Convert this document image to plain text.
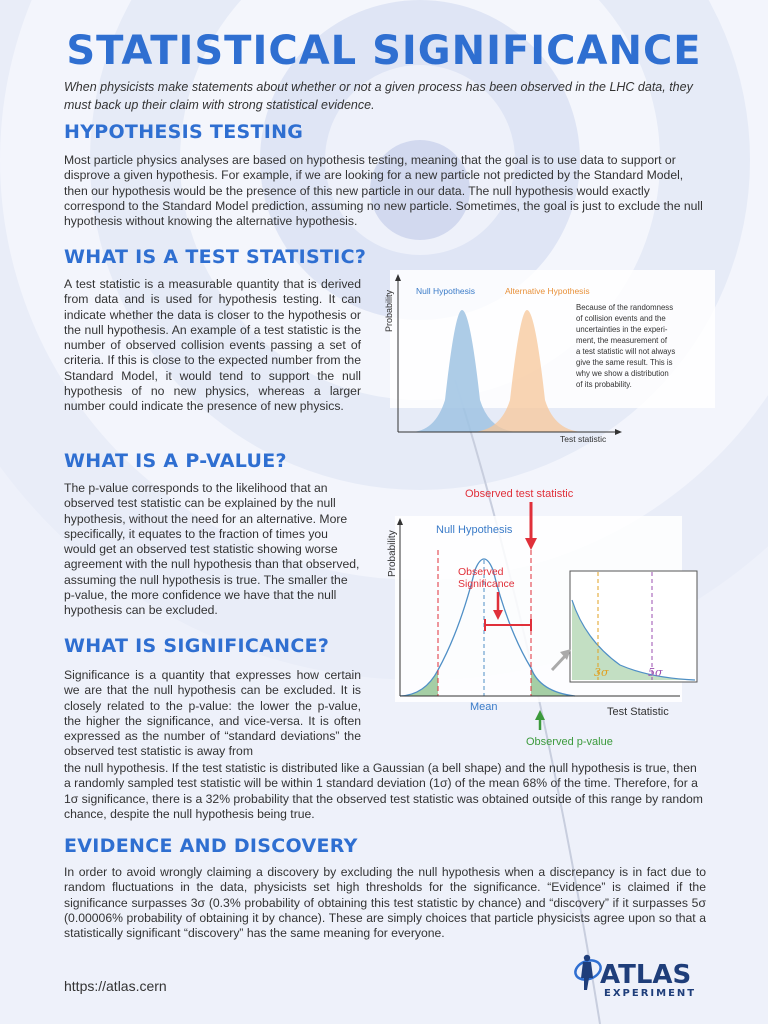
STATISTICAL SIGNIFICANCE

When physicists make statements about whether or not a given process has been observed in the LHC data, they must back up their claim with strong statistical evidence.

HYPOTHESIS TESTING

Most particle physics analyses are based on hypothesis testing, meaning that the goal is to use data to support or disprove a given hypothesis. For example, if we are looking for a new particle not predicted by the Standard Model, then our hypothesis would be the presence of this new particle in our data. The null hypothesis would exactly correspond to the Standard Model prediction, assuming no new particle. Sometimes, the goal is just to exclude the null hypothesis without knowing the alternative hypothesis.

WHAT IS A TEST STATISTIC?

A test statistic is a measurable quantity that is derived from data and is used for hypothesis testing. It can indicate whether the data is closer to the hypothesis or the null hypothesis. An example of a test statistic is the number of observed collision events passing a set of criteria. If this is close to the expected number from the Standard Model, it would tend to support the null hypothesis of no new physics, whereas a larger number could indicate the presence of new physics.

WHAT IS A P-VALUE?

The p-value corresponds to the likelihood that an observed test statistic can be explained by the null hypothesis, without the need for an alternative. More specifically, it equates to the fraction of times you would get an observed test statistic showing worse agreement with the null hypothesis than that observed, assuming the null hypothesis is true. The smaller the p-value, the more confidence we have that the null hypothesis can be excluded.

WHAT IS SIGNIFICANCE?

Significance is a quantity that expresses how certain we are that the null hypothesis can be excluded. It is closely related to the p-value: the lower the p-value, the higher the significance, and vice-versa. It is often expressed as the number of “standard deviations” the observed test statistic is away from

the null hypothesis. If the test statistic is distributed like a Gaussian (a bell shape) and the null hypothesis is true, then a randomly sampled test statistic will be within 1 standard deviation (1σ) of the mean 68% of the time. Therefore, for a 1σ significance, there is a 32% probability that the observed test statistic was obtained outside of this range by random chance, despite the null hypothesis being true.

EVIDENCE AND DISCOVERY

In order to avoid wrongly claiming a discovery by excluding the null hypothesis when a discrepancy is in fact due to random fluctuations in the data, physicists set high thresholds for the significance. “Evidence” is claimed if the significance surpasses 3σ (0.3% probability of obtaining this test statistic by chance) and “discovery” if it surpasses 5σ (0.00006% probability of obtaining it by chance). These are simply choices that particle physicists agree upon so that a statistically significant “discovery” has the same meaning for everyone.

Probability	Null Hypothesis	Alternative Hypothesis
Test statistic
Because of the randomness
of collision events and the
uncertainties in the experi-
ment, the measurement of
a test statistic will not always
give the same result. This is
why we show a distribution
of its probability.
Observed test statistic
Probability
Null Hypothesis
Observed
Significance
Mean	Test Statistic
Observed p-value
3σ	5σ

https://atlas.cern	ATLAS
EXPERIMENT
